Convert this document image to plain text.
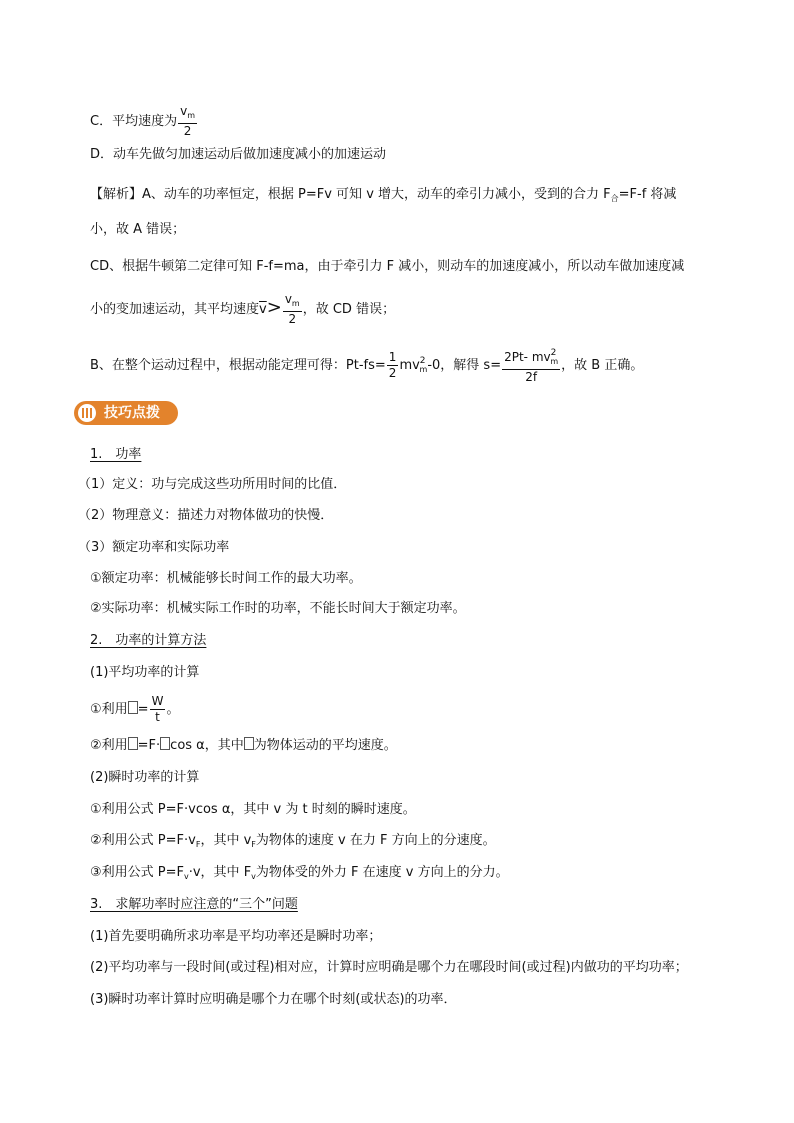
C．平均速度为 $\frac{v_m}{2}$
D．动车先做匀加速运动后做加速度减小的加速运动
【解析】A、动车的功率恒定，根据 P=Fv 可知 v 增大，动车的牵引力减小，受到的合力 $F_合=F-f$ 将减
小，故 A 错误；
CD、根据牛顿第二定律可知 F-f=ma，由于牵引力 F 减小，则动车的加速度减小，所以动车做加速度减
小的变加速运动，其平均速度$\overline{v}> \frac{v_m}{2}$ ，故 CD 错误；
B、在整个运动过程中，根据动能定理可得：$Pt-fs= \frac{1}{2} mv^2_m-0$，解得 $s= \frac{2Pt- mv^2_m}{2f}$ ，故 B 正确。
技巧点拨
1.　功率
（1）定义：功与完成这些功所用时间的比值．
（2）物理意义：描述力对物体做功的快慢．
（3）额定功率和实际功率
①额定功率：机械能够长时间工作的最大功率。
②实际功率：机械实际工作时的功率，不能长时间大于额定功率。
2.　功率的计算方法
(1)平均功率的计算
①利用 = $\frac{W}{t}$ 。
②利用 =F· cos α，其中 为物体运动的平均速度。
(2)瞬时功率的计算
①利用公式 P=F·vcos α，其中 v 为 t 时刻的瞬时速度。
②利用公式 $P=F\cdot v_F$，其中 $v_F$为物体的速度 v 在力 F 方向上的分速度。
③利用公式 $P=F_v\cdot v$，其中 $F_v$为物体受的外力 F 在速度 v 方向上的分力。
3.　求解功率时应注意的“三个”问题
(1)首先要明确所求功率是平均功率还是瞬时功率；
(2)平均功率与一段时间(或过程)相对应，计算时应明确是哪个力在哪段时间(或过程)内做功的平均功率；
(3)瞬时功率计算时应明确是哪个力在哪个时刻(或状态)的功率．
